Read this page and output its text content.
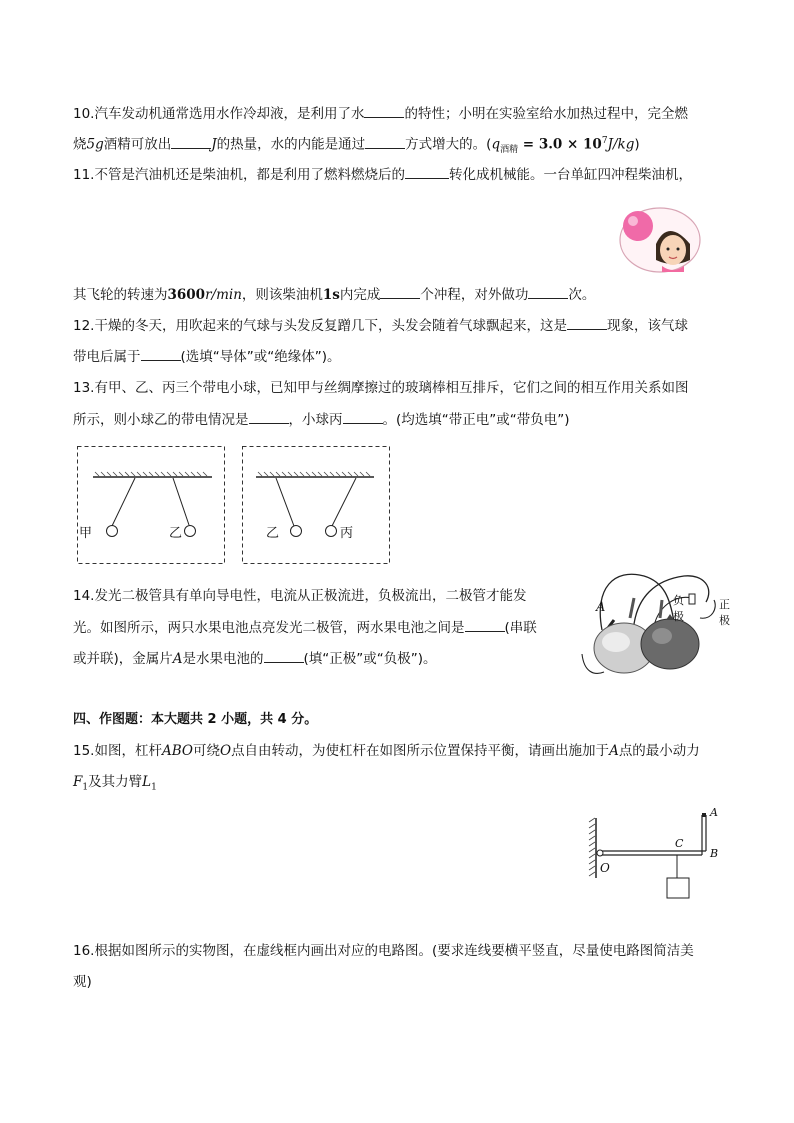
10.汽车发动机通常选用水作冷却液，是利用了水	的特性；小明在实验室给水加热过程中，完全燃
烧5g酒精可放出	J的热量，水的内能是通过	方式增大的。$(q_{酒精} = 3.0 \times 10^7J/kg)$
11.不管是汽油机还是柴油机，都是利用了燃料燃烧后的	转化成机械能。一台单缸四冲程柴油机，
其飞轮的转速为3600r/min，则该柴油机1s内完成	个冲程，对外做功	次。
12.干燥的冬天，用吹起来的气球与头发反复蹭几下，头发会随着气球飘起来，这是	现象，该气球
带电后属于	(选填“导体”或“绝缘体”)。
13.有甲、乙、丙三个带电小球，已知甲与丝绸摩擦过的玻璃棒相互排斥，它们之间的相互作用关系如图
所示，则小球乙的带电情况是	，小球丙	。(均选填“带正电”或“带负电”)
甲	乙	乙	丙
14.发光二极管具有单向导电性，电流从正极流进，负极流出，二极管才能发
光。如图所示，两只水果电池点亮发光二极管，两水果电池之间是	(串联
或并联)，金属片A是水果电池的	(填“正极”或“负极”)。
A	负
极
正
极
四、作图题：本大题共 2 小题，共 4 分。
15.如图，杠杆ABO可绕O点自由转动，为使杠杆在如图所示位置保持平衡，请画出施加于A点的最小动力
$F_1$及其力臂$L_1$
A
C
B
O
16.根据如图所示的实物图，在虚线框内画出对应的电路图。(要求连线要横平竖直，尽量使电路图简洁美
观)
